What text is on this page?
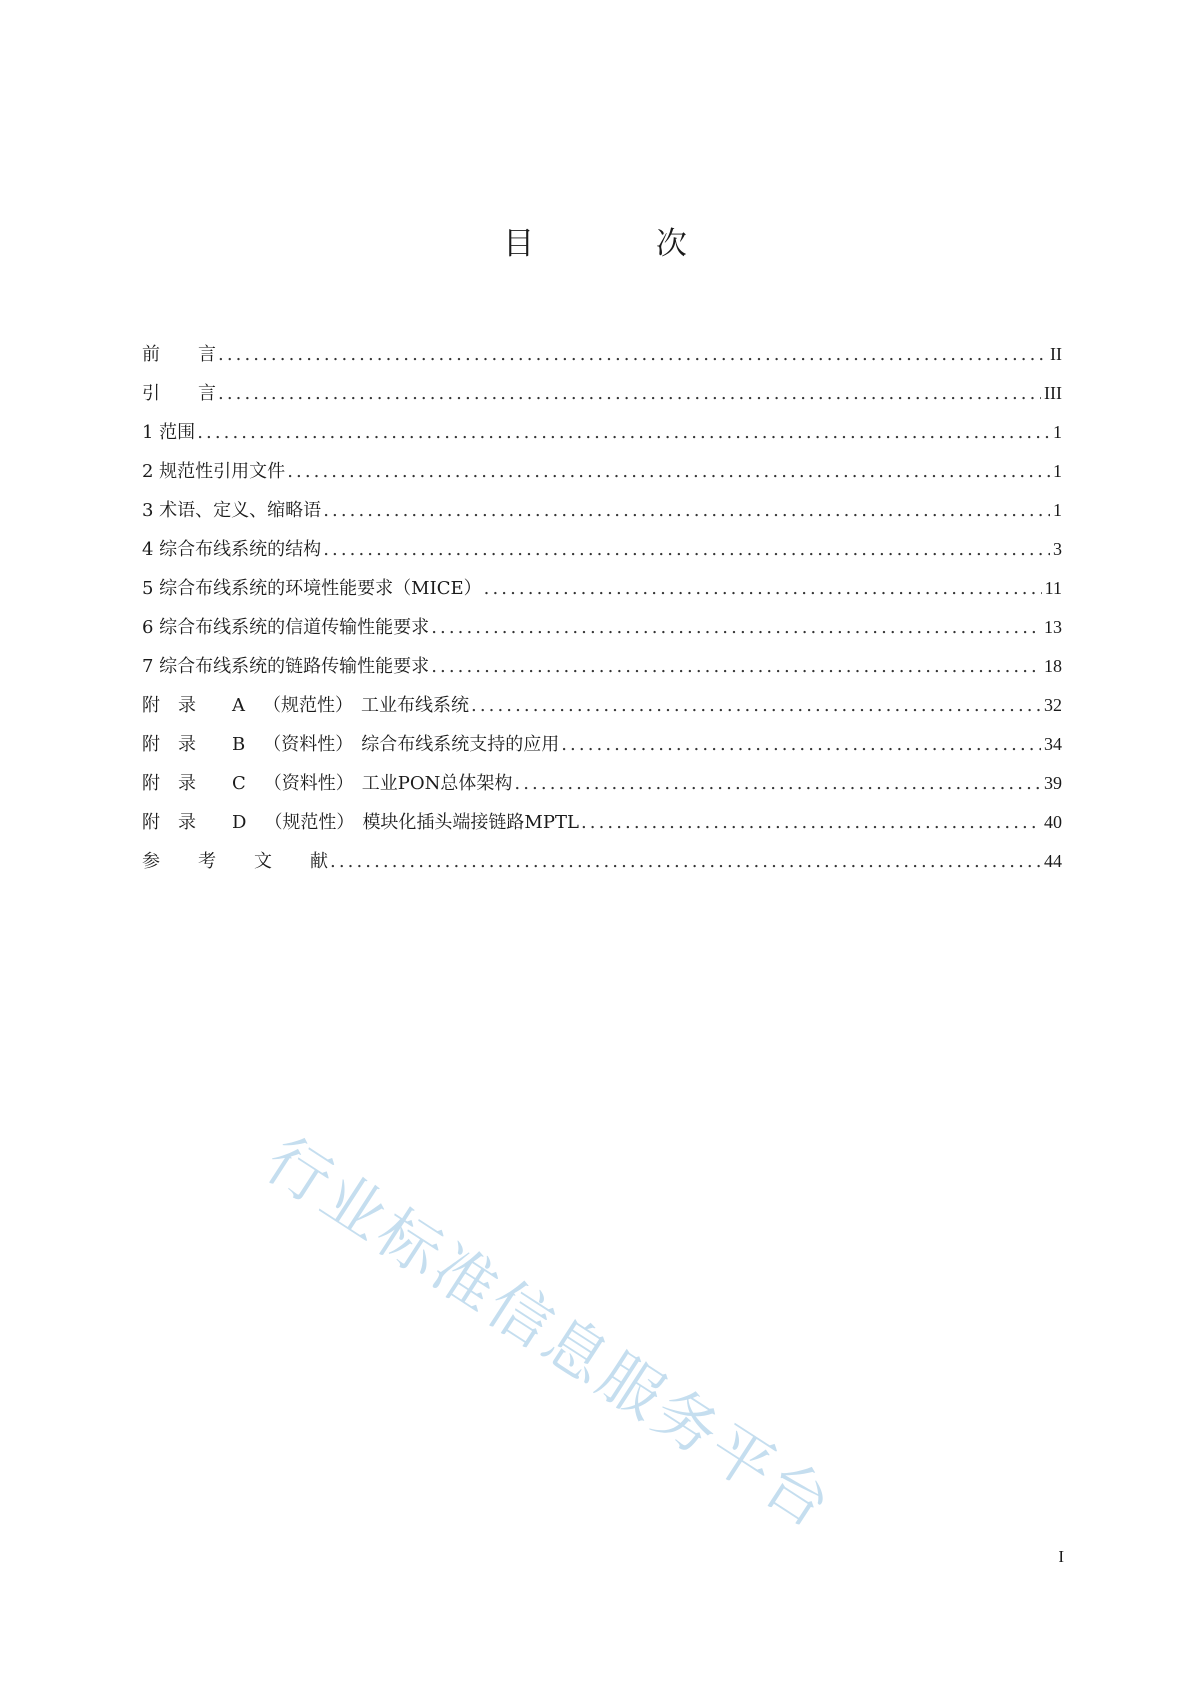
目 次
前言 .....	II
引言 .....	III
1 范围 .....	1
2 规范性引用文件 .....	1
3 术语、定义、缩略语 .....	1
4 综合布线系统的结构 .....	3
5 综合布线系统的环境性能要求（MICE） .....	11
6 综合布线系统的信道传输性能要求 .....	13
7 综合布线系统的链路传输性能要求 .....	18
附录 A （规范性） 工业布线系统 .....	32
附录 B （资料性） 综合布线系统支持的应用 .....	34
附录 C （资料性） 工业PON总体架构 .....	39
附录 D （规范性） 模块化插头端接链路MPTL .....	40
参考文献 .....	44
行业标准信息服务平台
I
